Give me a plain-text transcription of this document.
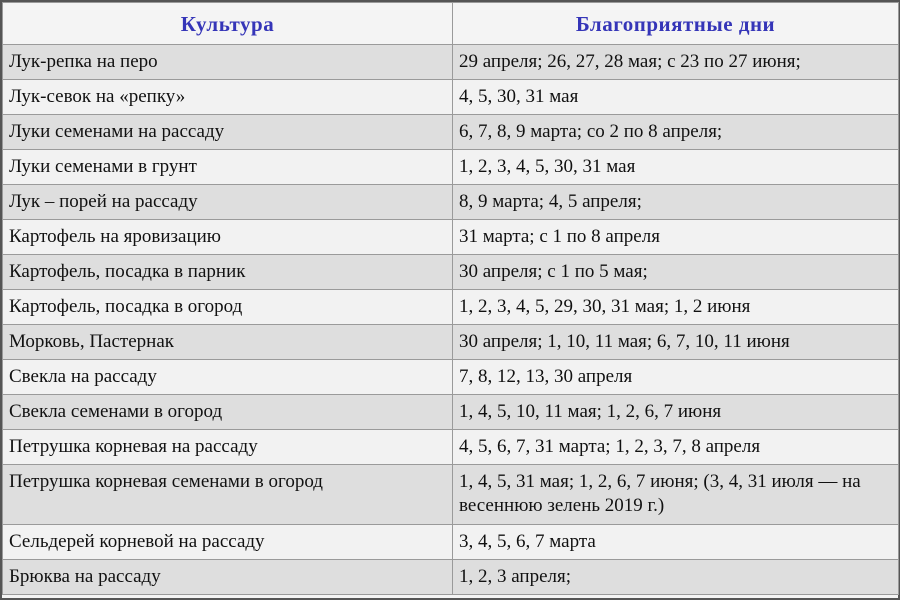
Культура	Благоприятные дни
Лук-репка на перо	29 апреля; 26, 27, 28 мая; с 23 по 27 июня;
Лук-севок на «репку»	4, 5, 30, 31 мая
Луки семенами на рассаду	6, 7, 8, 9 марта; со 2 по 8 апреля;
Луки семенами в грунт	1, 2, 3, 4, 5, 30, 31 мая
Лук – порей на рассаду	8, 9 марта; 4, 5 апреля;
Картофель на яровизацию	31 марта; с 1 по 8 апреля
Картофель, посадка в парник	30 апреля; с 1 по 5 мая;
Картофель, посадка в огород	1, 2, 3, 4, 5, 29, 30, 31 мая; 1, 2 июня
Морковь, Пастернак	30 апреля; 1, 10, 11 мая; 6, 7, 10, 11 июня
Свекла на рассаду	7, 8, 12, 13, 30 апреля
Свекла семенами в огород	1, 4, 5, 10, 11 мая; 1, 2, 6, 7 июня
Петрушка корневая на рассаду	4, 5, 6, 7, 31 марта; 1, 2, 3, 7, 8 апреля
Петрушка корневая семенами в огород	1, 4, 5, 31 мая; 1, 2, 6, 7 июня; (3, 4, 31 июля — на весеннюю зелень 2019 г.)
Сельдерей корневой на рассаду	3, 4, 5, 6, 7 марта
Брюква на рассаду	1, 2, 3 апреля;
